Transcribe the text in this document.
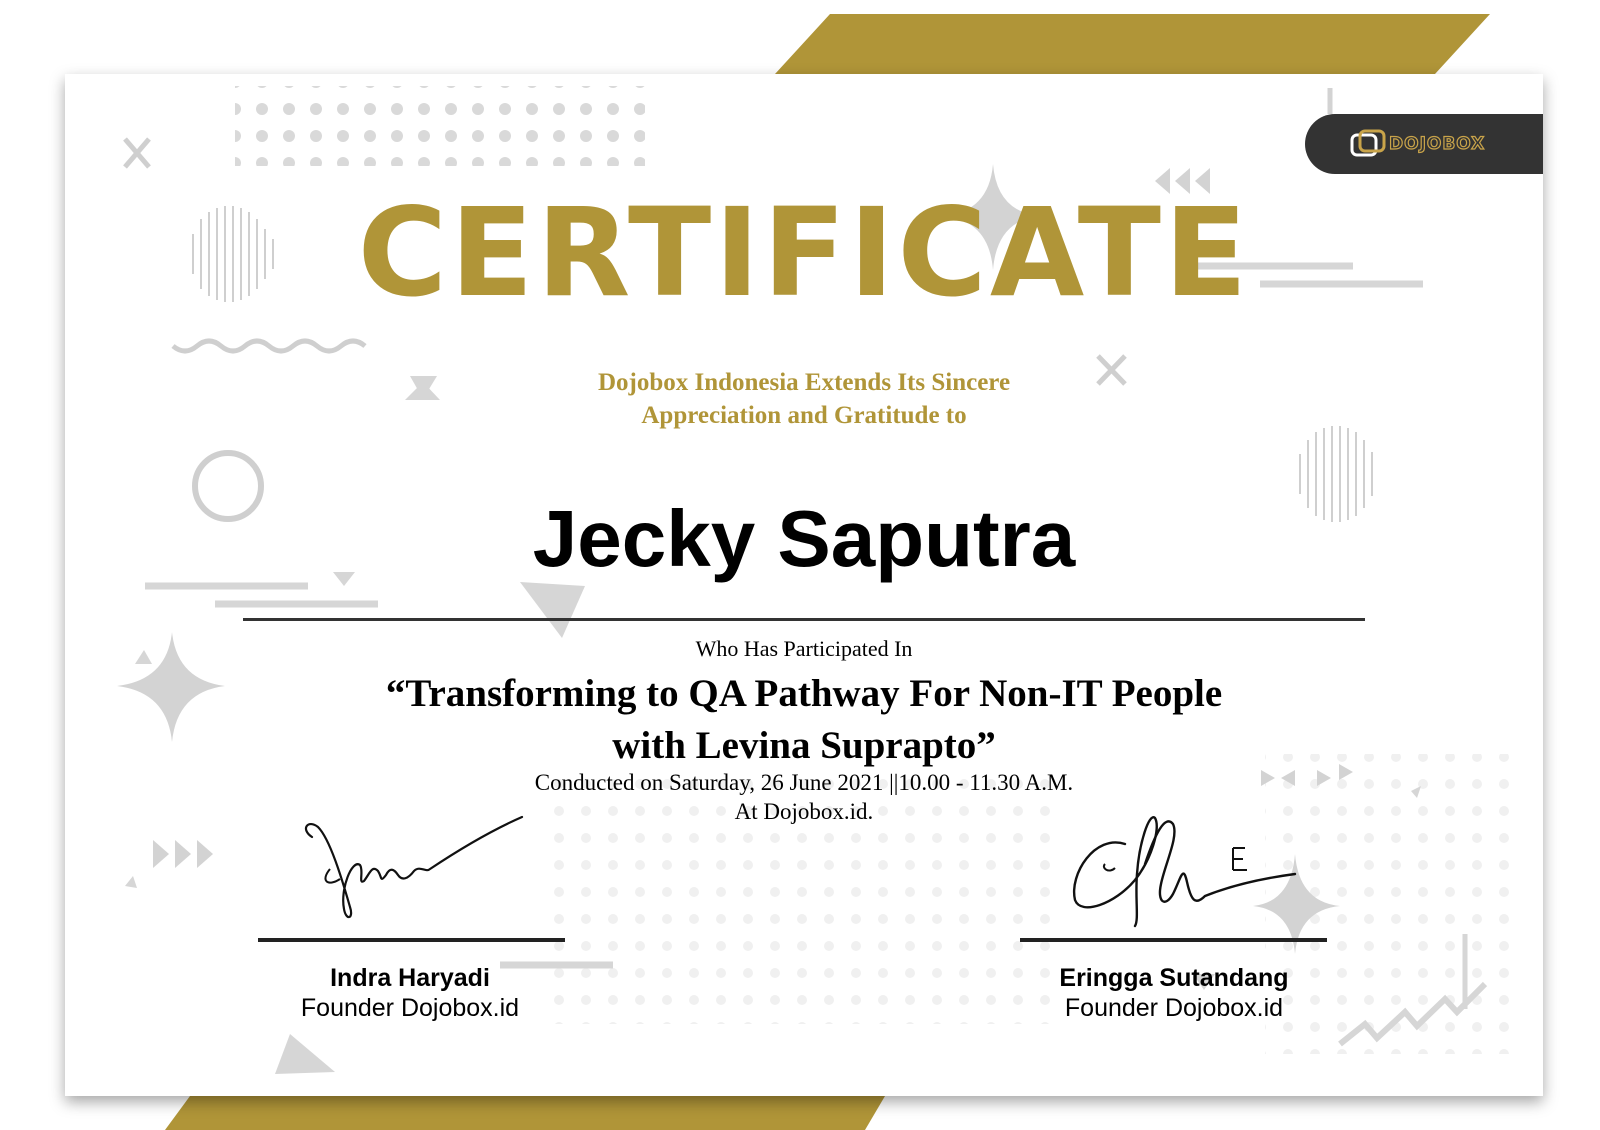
DOJOBOX
CERTIFICATE
Dojobox Indonesia Extends Its Sincere
Appreciation and Gratitude to
Jecky Saputra
Who Has Participated In
“Transforming to QA Pathway For Non-IT People
with Levina Suprapto”
Conducted on Saturday, 26 June 2021 ||10.00 - 11.30 A.M.
At Dojobox.id.
Indra Haryadi
Founder Dojobox.id
Eringga Sutandang
Founder Dojobox.id
